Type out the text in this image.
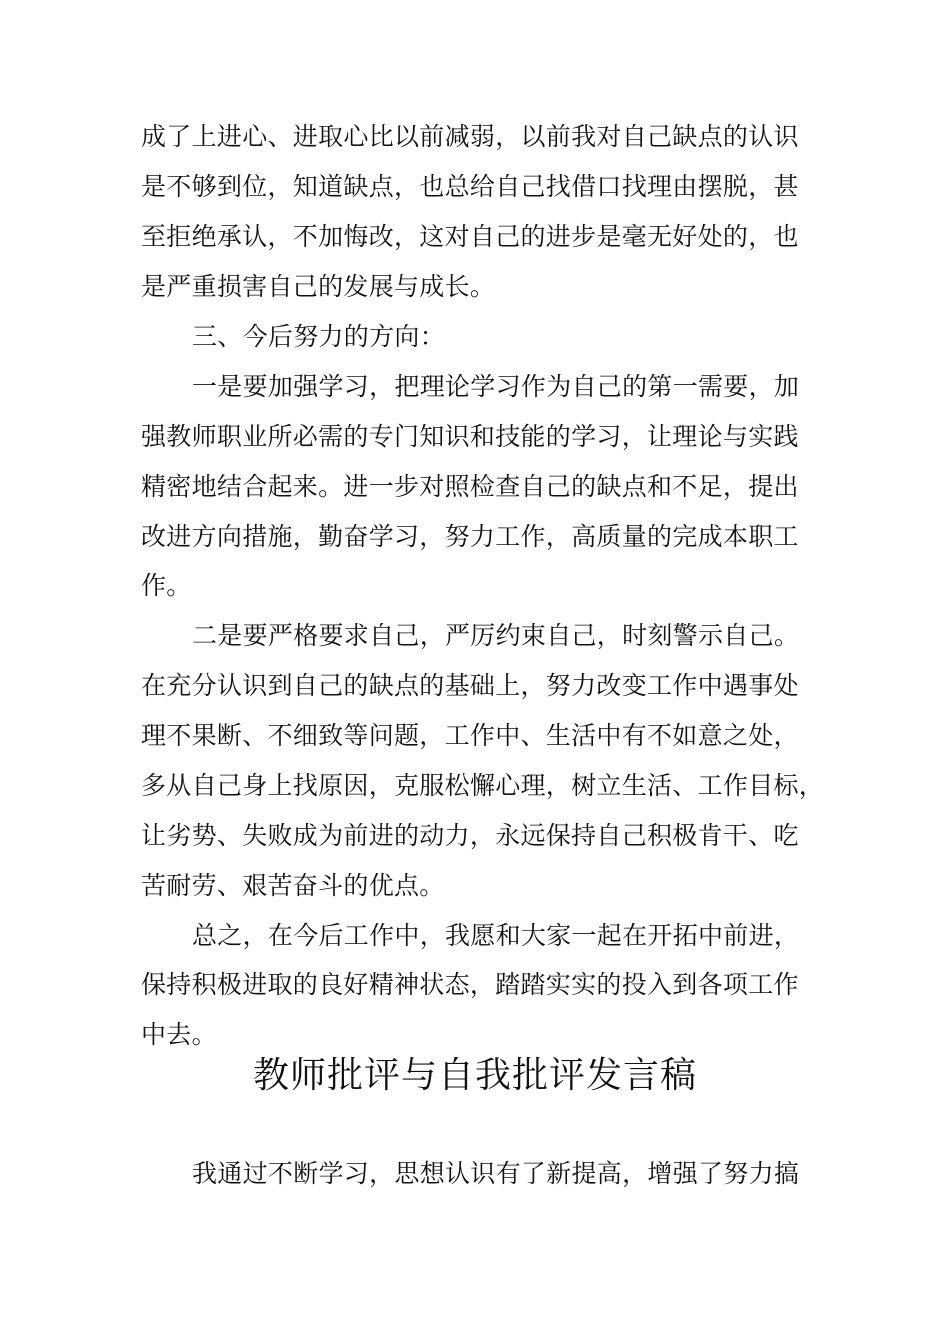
成了上进心、进取心比以前减弱，以前我对自己缺点的认识
是不够到位，知道缺点，也总给自己找借口找理由摆脱，甚
至拒绝承认，不加悔改，这对自己的进步是毫无好处的，也
是严重损害自己的发展与成长。
三、今后努力的方向：
一是要加强学习，把理论学习作为自己的第一需要，加
强教师职业所必需的专门知识和技能的学习，让理论与实践
精密地结合起来。进一步对照检查自己的缺点和不足，提出
改进方向措施，勤奋学习，努力工作，高质量的完成本职工
作。
二是要严格要求自己，严厉约束自己，时刻警示自己。
在充分认识到自己的缺点的基础上，努力改变工作中遇事处
理不果断、不细致等问题，工作中、生活中有不如意之处，
多从自己身上找原因，克服松懈心理，树立生活、工作目标，
让劣势、失败成为前进的动力，永远保持自己积极肯干、吃
苦耐劳、艰苦奋斗的优点。
总之，在今后工作中，我愿和大家一起在开拓中前进，
保持积极进取的良好精神状态，踏踏实实的投入到各项工作
中去。
教师批评与自我批评发言稿
我通过不断学习，思想认识有了新提高，增强了努力搞
